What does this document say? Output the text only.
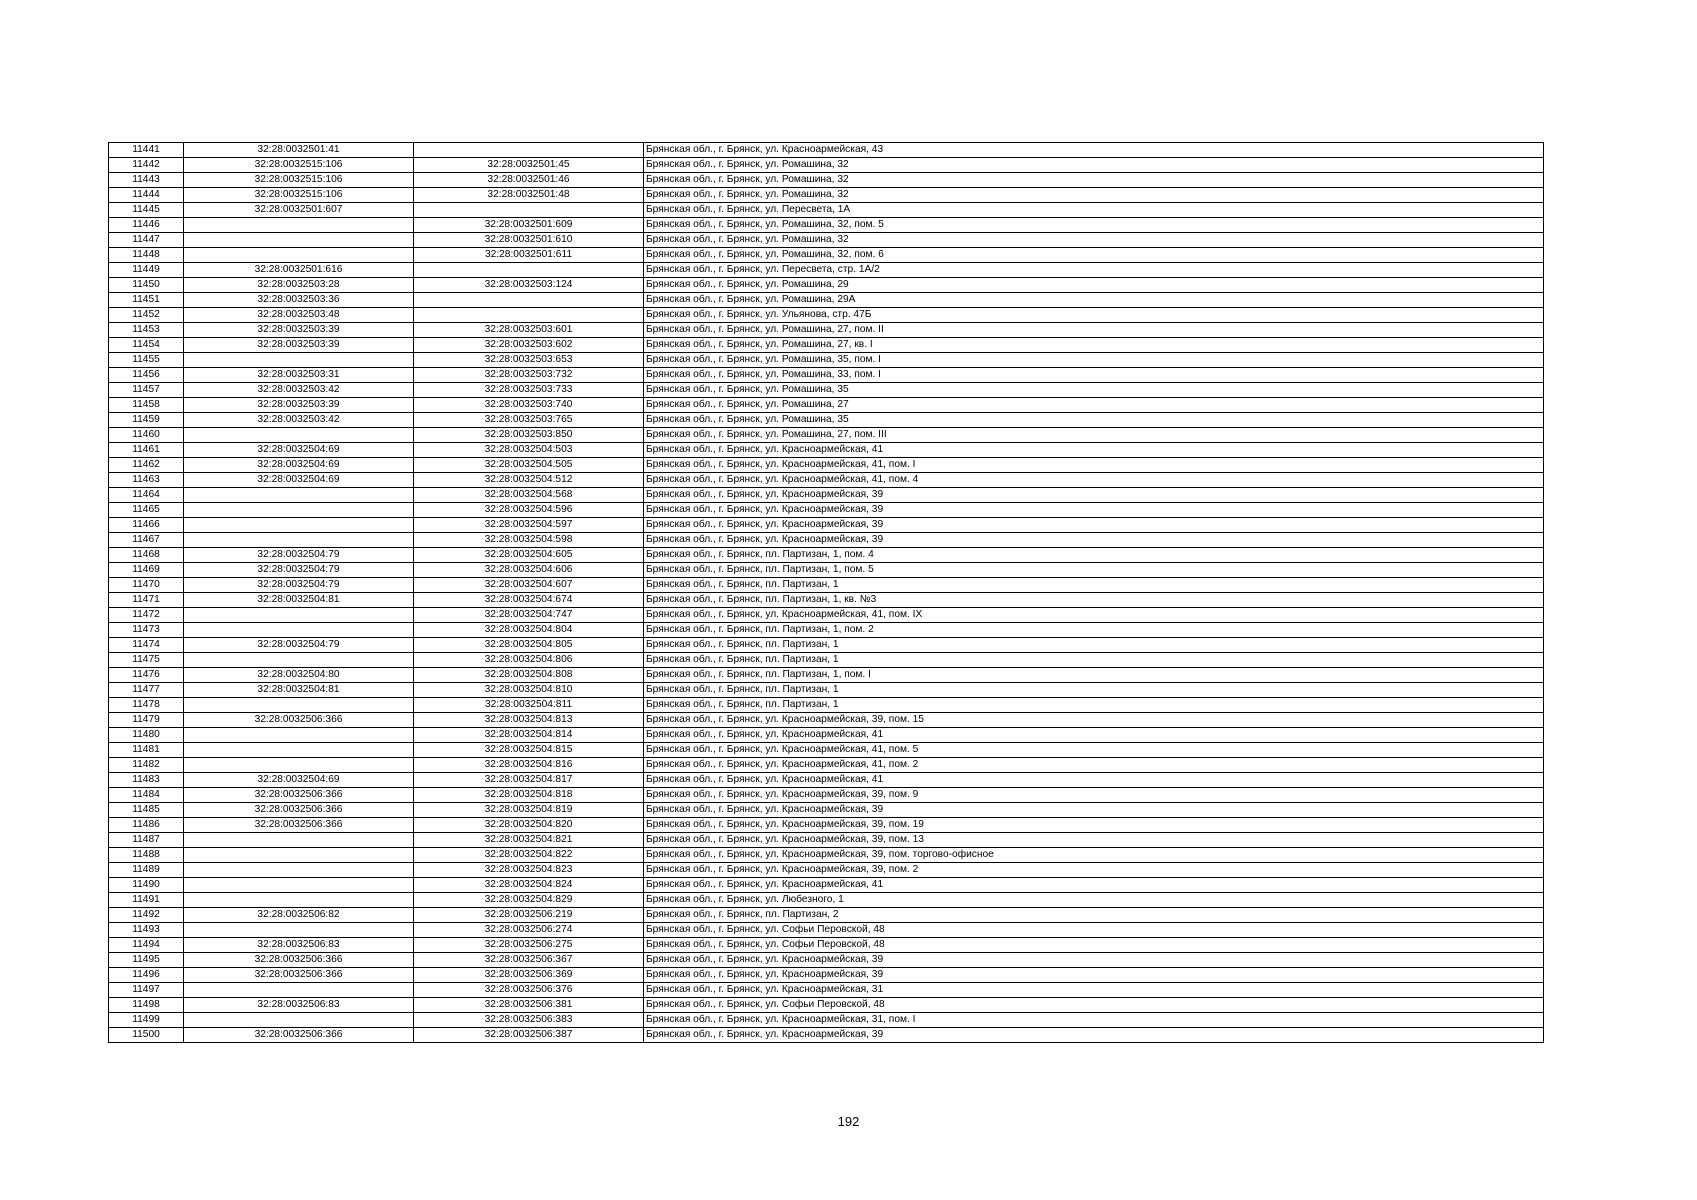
11441	32:28:0032501:41		Брянская обл., г. Брянск, ул. Красноармейская, 43
11442	32:28:0032515:106	32:28:0032501:45	Брянская обл., г. Брянск, ул. Ромашина, 32
11443	32:28:0032515:106	32:28:0032501:46	Брянская обл., г. Брянск, ул. Ромашина, 32
11444	32:28:0032515:106	32:28:0032501:48	Брянская обл., г. Брянск, ул. Ромашина, 32
11445	32:28:0032501:607		Брянская обл., г. Брянск, ул. Пересвета, 1А
11446		32:28:0032501:609	Брянская обл., г. Брянск, ул. Ромашина, 32, пом. 5
11447		32:28:0032501:610	Брянская обл., г. Брянск, ул. Ромашина, 32
11448		32:28:0032501:611	Брянская обл., г. Брянск, ул. Ромашина, 32, пом. 6
11449	32:28:0032501:616		Брянская обл., г. Брянск, ул. Пересвета, стр. 1А/2
11450	32:28:0032503:28	32:28:0032503:124	Брянская обл., г. Брянск, ул. Ромашина, 29
11451	32:28:0032503:36		Брянская обл., г. Брянск, ул. Ромашина, 29А
11452	32:28:0032503:48		Брянская обл., г. Брянск, ул. Ульянова, стр. 47Б
11453	32:28:0032503:39	32:28:0032503:601	Брянская обл., г. Брянск, ул. Ромашина, 27, пом. II
11454	32:28:0032503:39	32:28:0032503:602	Брянская обл., г. Брянск, ул. Ромашина, 27, кв. I
11455		32:28:0032503:653	Брянская обл., г. Брянск, ул. Ромашина, 35, пом. I
11456	32:28:0032503:31	32:28:0032503:732	Брянская обл., г. Брянск, ул. Ромашина, 33, пом. I
11457	32:28:0032503:42	32:28:0032503:733	Брянская обл., г. Брянск, ул. Ромашина, 35
11458	32:28:0032503:39	32:28:0032503:740	Брянская обл., г. Брянск, ул. Ромашина, 27
11459	32:28:0032503:42	32:28:0032503:765	Брянская обл., г. Брянск, ул. Ромашина, 35
11460		32:28:0032503:850	Брянская обл., г. Брянск, ул. Ромашина, 27, пом. III
11461	32:28:0032504:69	32:28:0032504:503	Брянская обл., г. Брянск, ул. Красноармейская, 41
11462	32:28:0032504:69	32:28:0032504:505	Брянская обл., г. Брянск, ул. Красноармейская, 41, пом. I
11463	32:28:0032504:69	32:28:0032504:512	Брянская обл., г. Брянск, ул. Красноармейская, 41, пом. 4
11464		32:28:0032504:568	Брянская обл., г. Брянск, ул. Красноармейская, 39
11465		32:28:0032504:596	Брянская обл., г. Брянск, ул. Красноармейская, 39
11466		32:28:0032504:597	Брянская обл., г. Брянск, ул. Красноармейская, 39
11467		32:28:0032504:598	Брянская обл., г. Брянск, ул. Красноармейская, 39
11468	32:28:0032504:79	32:28:0032504:605	Брянская обл., г. Брянск, пл. Партизан, 1, пом. 4
11469	32:28:0032504:79	32:28:0032504:606	Брянская обл., г. Брянск, пл. Партизан, 1, пом. 5
11470	32:28:0032504:79	32:28:0032504:607	Брянская обл., г. Брянск, пл. Партизан, 1
11471	32:28:0032504:81	32:28:0032504:674	Брянская обл., г. Брянск, пл. Партизан, 1, кв. №3
11472		32:28:0032504:747	Брянская обл., г. Брянск, ул. Красноармейская, 41, пом. IX
11473		32:28:0032504:804	Брянская обл., г. Брянск, пл. Партизан, 1, пом. 2
11474	32:28:0032504:79	32:28:0032504:805	Брянская обл., г. Брянск, пл. Партизан, 1
11475		32:28:0032504:806	Брянская обл., г. Брянск, пл. Партизан, 1
11476	32:28:0032504:80	32:28:0032504:808	Брянская обл., г. Брянск, пл. Партизан, 1, пом. I
11477	32:28:0032504:81	32:28:0032504:810	Брянская обл., г. Брянск, пл. Партизан, 1
11478		32:28:0032504:811	Брянская обл., г. Брянск, пл. Партизан, 1
11479	32:28:0032506:366	32:28:0032504:813	Брянская обл., г. Брянск, ул. Красноармейская, 39, пом. 15
11480		32:28:0032504:814	Брянская обл., г. Брянск, ул. Красноармейская, 41
11481		32:28:0032504:815	Брянская обл., г. Брянск, ул. Красноармейская, 41, пом. 5
11482		32:28:0032504:816	Брянская обл., г. Брянск, ул. Красноармейская, 41, пом. 2
11483	32:28:0032504:69	32:28:0032504:817	Брянская обл., г. Брянск, ул. Красноармейская, 41
11484	32:28:0032506:366	32:28:0032504:818	Брянская обл., г. Брянск, ул. Красноармейская, 39, пом. 9
11485	32:28:0032506:366	32:28:0032504:819	Брянская обл., г. Брянск, ул. Красноармейская, 39
11486	32:28:0032506:366	32:28:0032504:820	Брянская обл., г. Брянск, ул. Красноармейская, 39, пом. 19
11487		32:28:0032504:821	Брянская обл., г. Брянск, ул. Красноармейская, 39, пом. 13
11488		32:28:0032504:822	Брянская обл., г. Брянск, ул. Красноармейская, 39, пом. торгово-офисное
11489		32:28:0032504:823	Брянская обл., г. Брянск, ул. Красноармейская, 39, пом. 2
11490		32:28:0032504:824	Брянская обл., г. Брянск, ул. Красноармейская, 41
11491		32:28:0032504:829	Брянская обл., г. Брянск, ул. Любезного, 1
11492	32:28:0032506:82	32:28:0032506:219	Брянская обл., г. Брянск, пл. Партизан, 2
11493		32:28:0032506:274	Брянская обл., г. Брянск, ул. Софьи Перовской, 48
11494	32:28:0032506:83	32:28:0032506:275	Брянская обл., г. Брянск, ул. Софьи Перовской, 48
11495	32:28:0032506:366	32:28:0032506:367	Брянская обл., г. Брянск, ул. Красноармейская, 39
11496	32:28:0032506:366	32:28:0032506:369	Брянская обл., г. Брянск, ул. Красноармейская, 39
11497		32:28:0032506:376	Брянская обл., г. Брянск, ул. Красноармейская, 31
11498	32:28:0032506:83	32:28:0032506:381	Брянская обл., г. Брянск, ул. Софьи Перовской, 48
11499		32:28:0032506:383	Брянская обл., г. Брянск, ул. Красноармейская, 31, пом. I
11500	32:28:0032506:366	32:28:0032506:387	Брянская обл., г. Брянск, ул. Красноармейская, 39
192
